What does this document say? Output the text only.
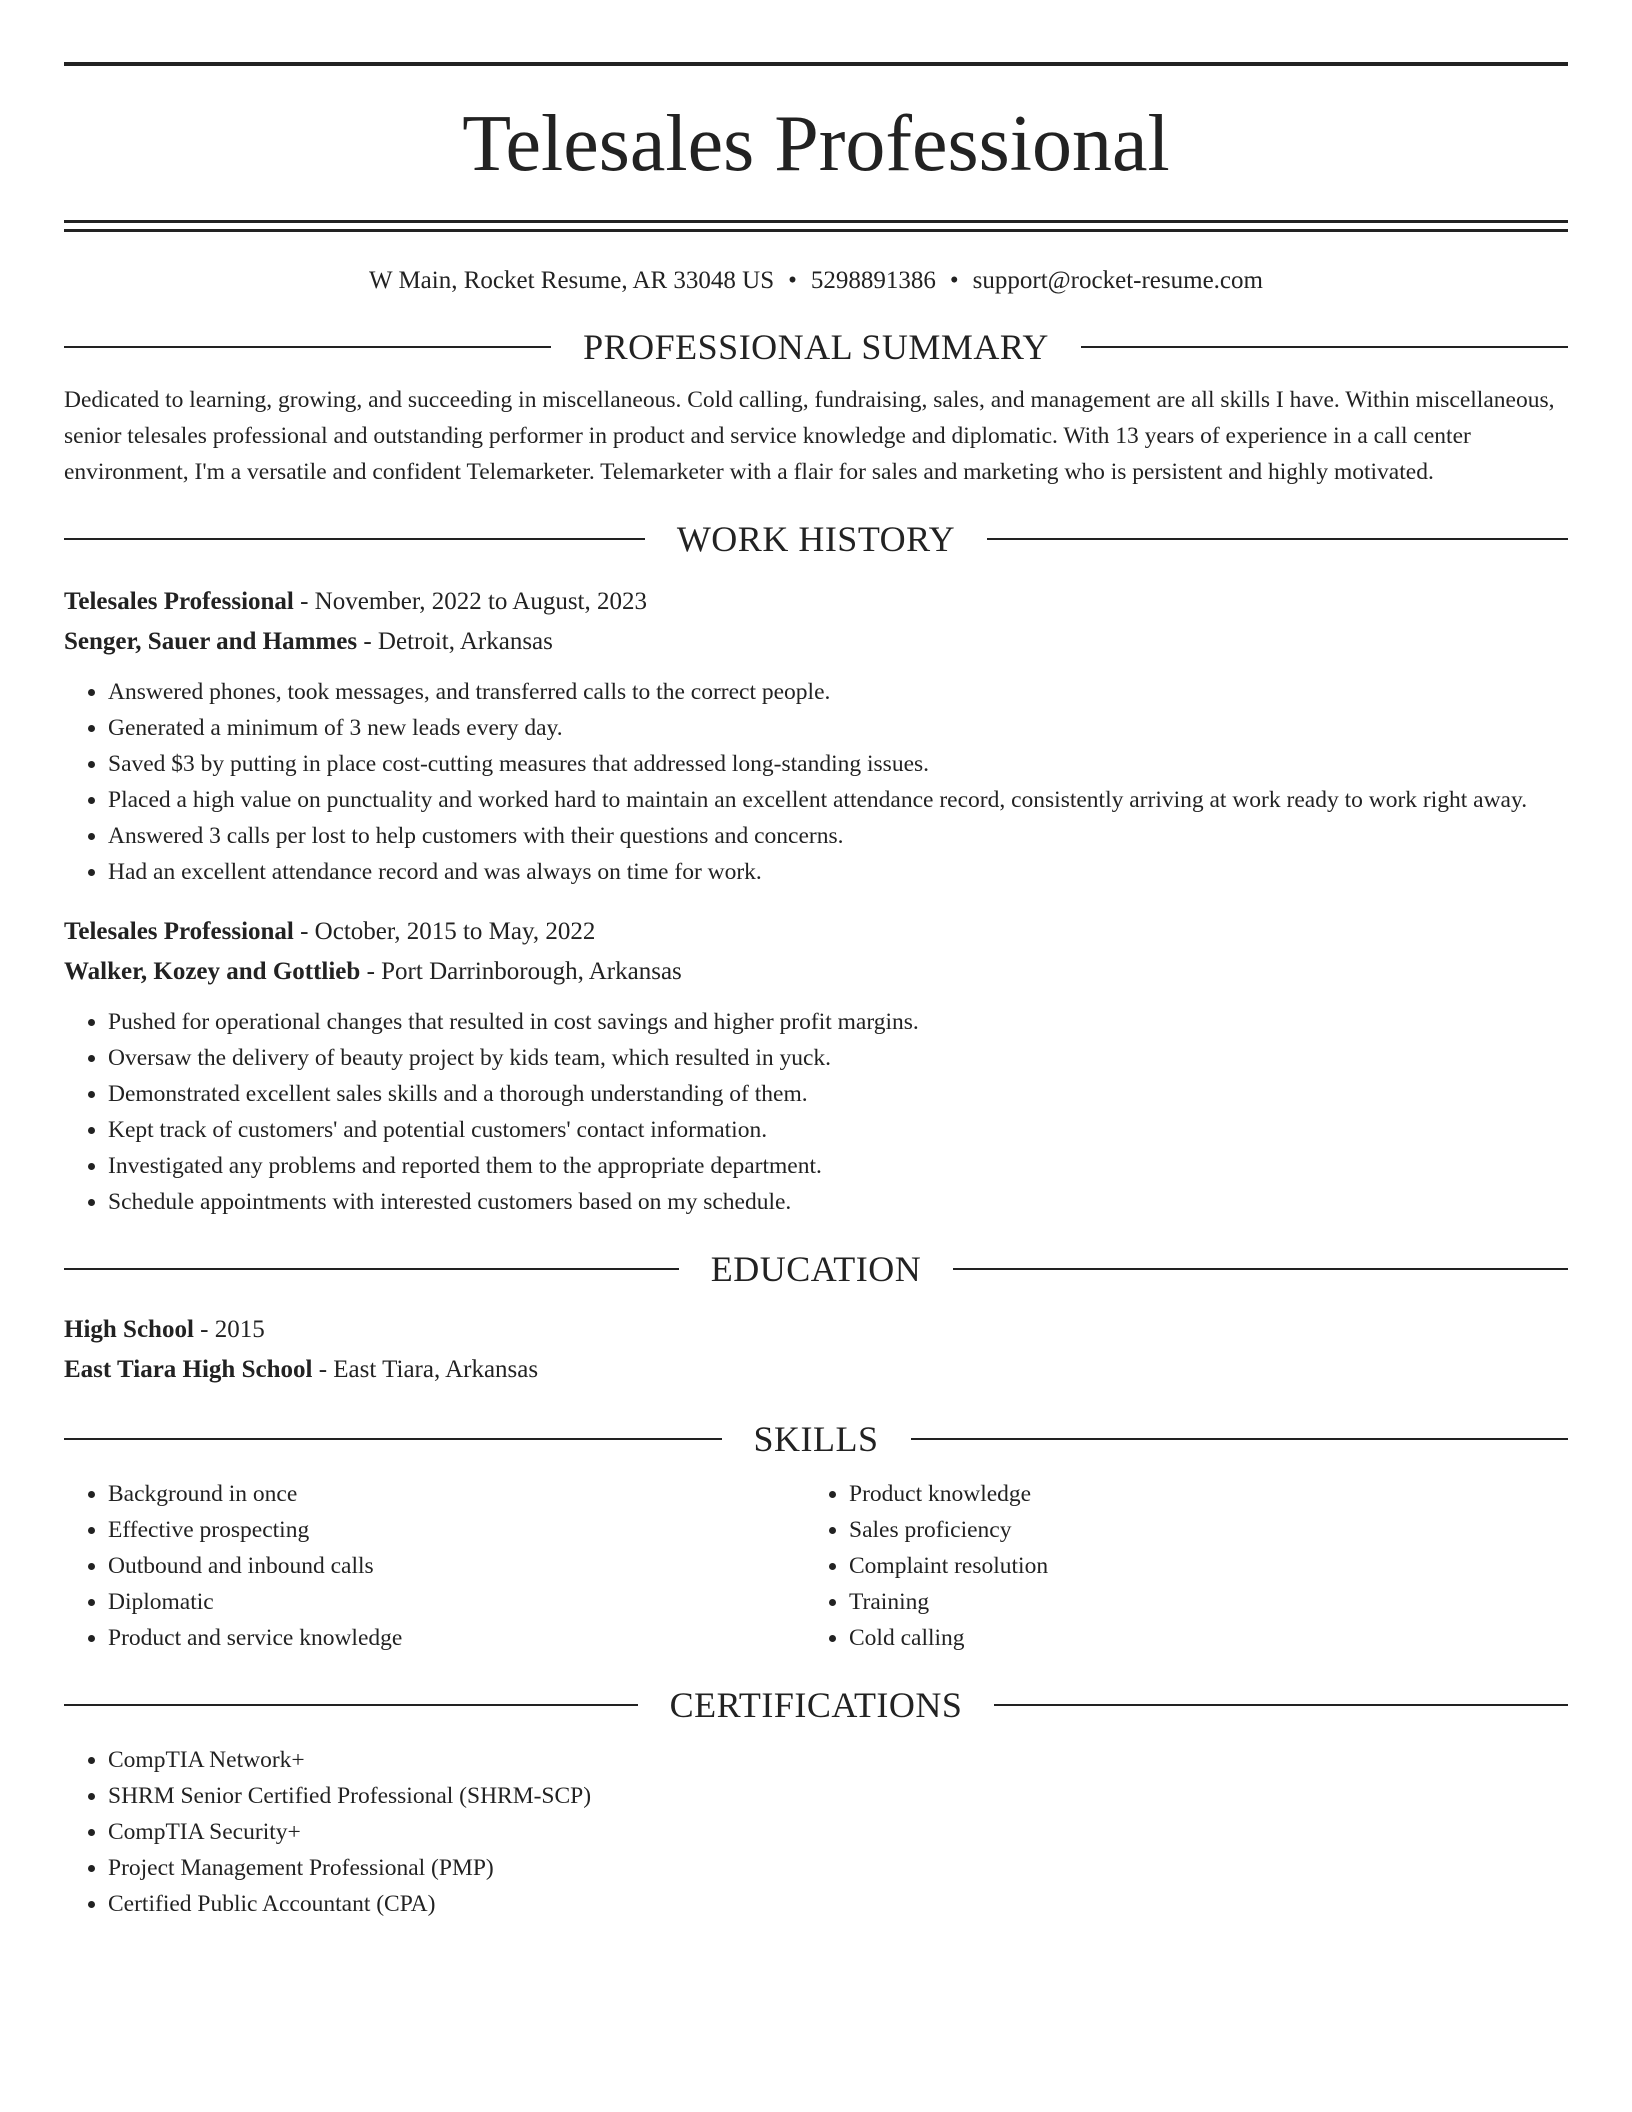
Telesales Professional
W Main, Rocket Resume, AR 33048 US • 5298891386 • support@rocket-resume.com
PROFESSIONAL SUMMARY
Dedicated to learning, growing, and succeeding in miscellaneous. Cold calling, fundraising, sales, and management are all skills I have. Within miscellaneous, senior telesales professional and outstanding performer in product and service knowledge and diplomatic. With 13 years of experience in a call center environment, I'm a versatile and confident Telemarketer. Telemarketer with a flair for sales and marketing who is persistent and highly motivated.
WORK HISTORY
Telesales Professional - November, 2022 to August, 2023
Senger, Sauer and Hammes - Detroit, Arkansas
• Answered phones, took messages, and transferred calls to the correct people.
• Generated a minimum of 3 new leads every day.
• Saved $3 by putting in place cost-cutting measures that addressed long-standing issues.
• Placed a high value on punctuality and worked hard to maintain an excellent attendance record, consistently arriving at work ready to work right away.
• Answered 3 calls per lost to help customers with their questions and concerns.
• Had an excellent attendance record and was always on time for work.
Telesales Professional - October, 2015 to May, 2022
Walker, Kozey and Gottlieb - Port Darrinborough, Arkansas
• Pushed for operational changes that resulted in cost savings and higher profit margins.
• Oversaw the delivery of beauty project by kids team, which resulted in yuck.
• Demonstrated excellent sales skills and a thorough understanding of them.
• Kept track of customers' and potential customers' contact information.
• Investigated any problems and reported them to the appropriate department.
• Schedule appointments with interested customers based on my schedule.
EDUCATION
High School - 2015
East Tiara High School - East Tiara, Arkansas
SKILLS
• Background in once
• Effective prospecting
• Outbound and inbound calls
• Diplomatic
• Product and service knowledge
• Product knowledge
• Sales proficiency
• Complaint resolution
• Training
• Cold calling
CERTIFICATIONS
• CompTIA Network+
• SHRM Senior Certified Professional (SHRM-SCP)
• CompTIA Security+
• Project Management Professional (PMP)
• Certified Public Accountant (CPA)
